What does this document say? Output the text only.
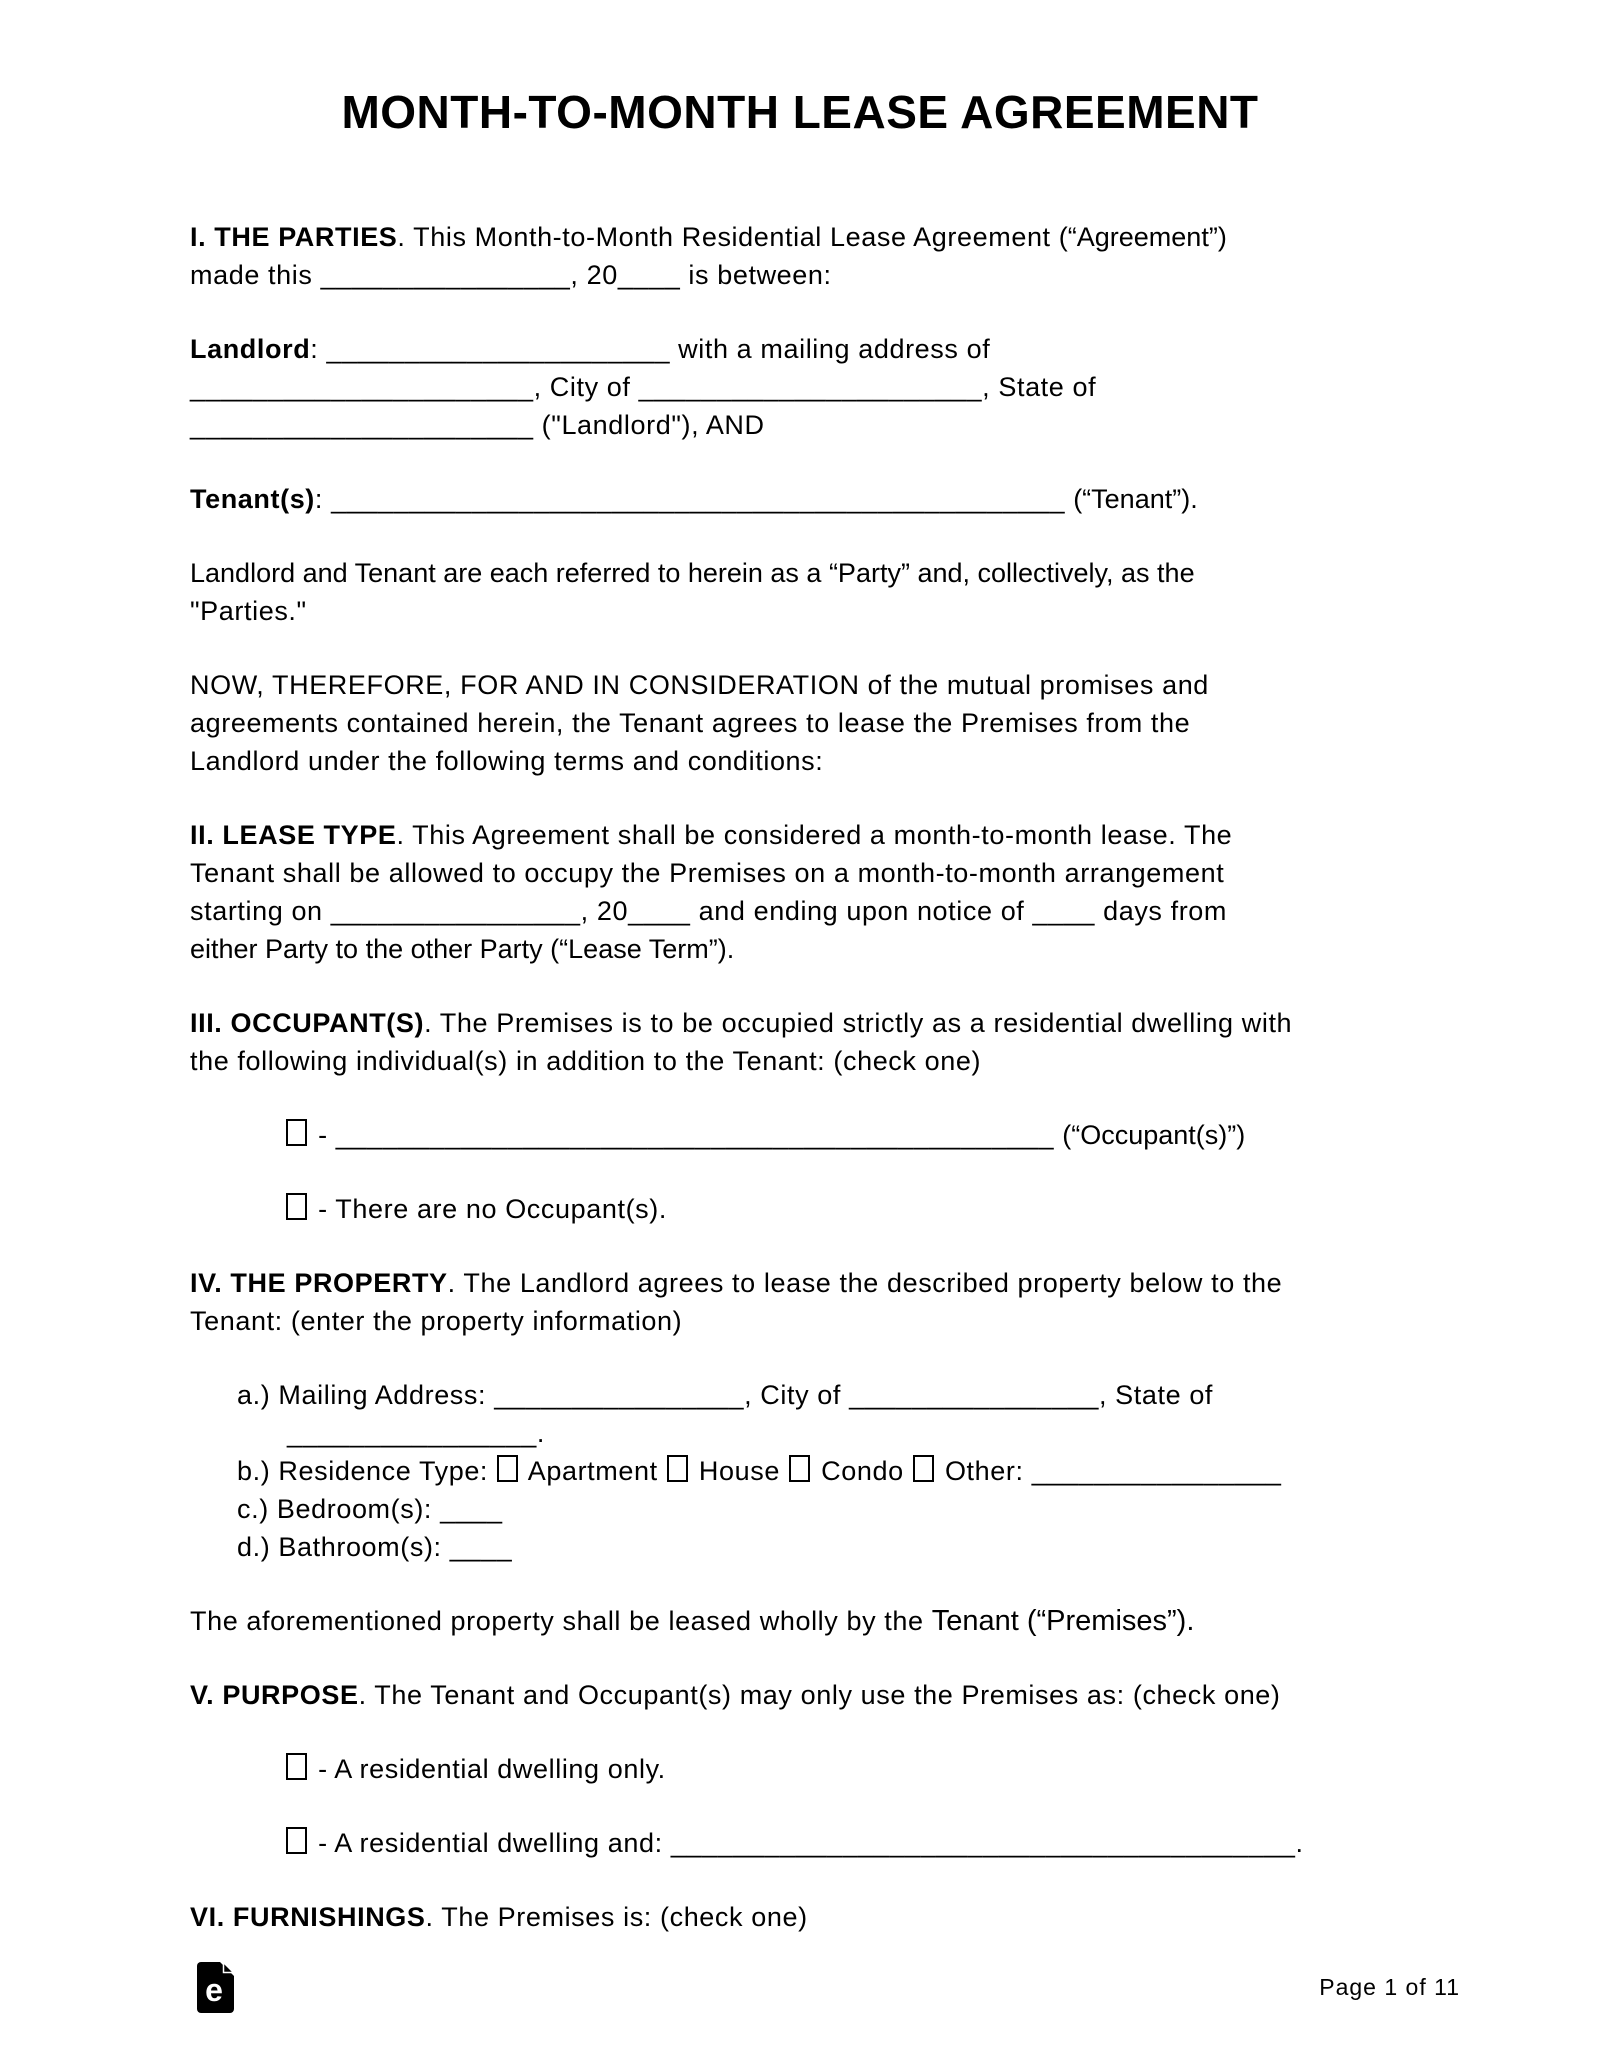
MONTH-TO-MONTH LEASE AGREEMENT
I. THE PARTIES. This Month-to-Month Residential Lease Agreement (“Agreement”)
made this ________________, 20____ is between:
Landlord: ______________________ with a mailing address of
______________________, City of ______________________, State of
______________________ ("Landlord"), AND
Tenant(s): _______________________________________________ (“Tenant”).
Landlord and Tenant are each referred to herein as a “Party” and, collectively, as the
"Parties."
NOW, THEREFORE, FOR AND IN CONSIDERATION of the mutual promises and
agreements contained herein, the Tenant agrees to lease the Premises from the
Landlord under the following terms and conditions:
II. LEASE TYPE. This Agreement shall be considered a month-to-month lease. The
Tenant shall be allowed to occupy the Premises on a month-to-month arrangement
starting on ________________, 20____ and ending upon notice of ____ days from
either Party to the other Party (“Lease Term”).
III. OCCUPANT(S). The Premises is to be occupied strictly as a residential dwelling with
the following individual(s) in addition to the Tenant: (check one)
- ______________________________________________ (“Occupant(s)”)
- There are no Occupant(s).
IV. THE PROPERTY. The Landlord agrees to lease the described property below to the
Tenant: (enter the property information)
a.) Mailing Address: ________________, City of ________________, State of
________________.
b.) Residence Type:  Apartment  House  Condo  Other: ________________
c.) Bedroom(s): ____
d.) Bathroom(s): ____
The aforementioned property shall be leased wholly by the Tenant (“Premises”).
V. PURPOSE. The Tenant and Occupant(s) may only use the Premises as: (check one)
- A residential dwelling only.
- A residential dwelling and: ________________________________________.
VI. FURNISHINGS. The Premises is: (check one)
e	Page 1 of 11
